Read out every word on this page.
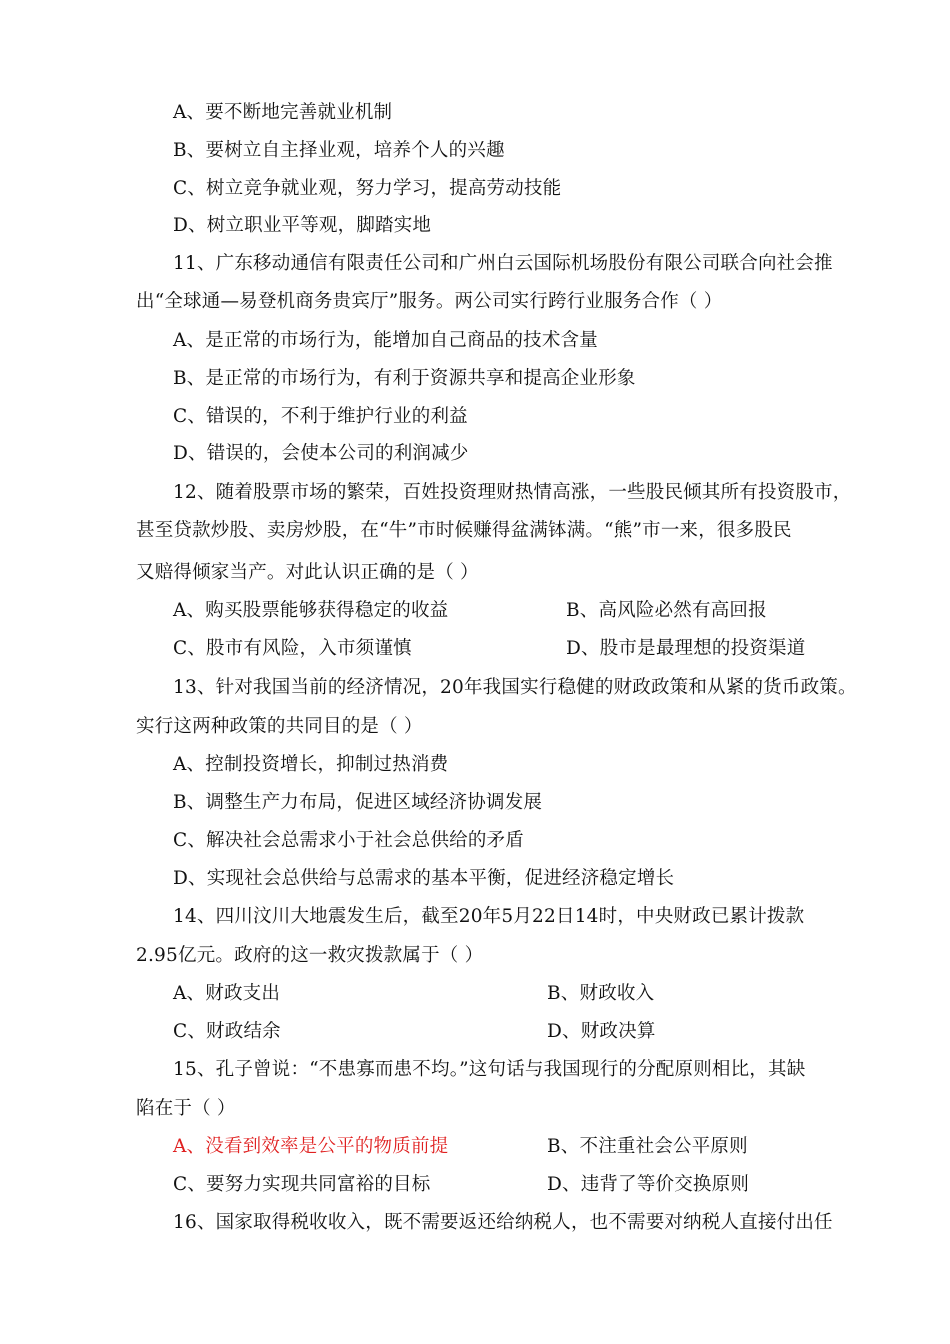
A、要不断地完善就业机制
B、要树立自主择业观，培养个人的兴趣
C、树立竞争就业观，努力学习，提高劳动技能
D、树立职业平等观，脚踏实地
11、广东移动通信有限责任公司和广州白云国际机场股份有限公司联合向社会推
出“全球通—易登机商务贵宾厅”服务。两公司实行跨行业服务合作（ ）
A、是正常的市场行为，能增加自己商品的技术含量
B、是正常的市场行为，有利于资源共享和提高企业形象
C、错误的，不利于维护行业的利益
D、错误的，会使本公司的利润减少
12、随着股票市场的繁荣，百姓投资理财热情高涨，一些股民倾其所有投资股市，
甚至贷款炒股、卖房炒股，在“牛”市时候赚得盆满钵满。“熊”市一来，很多股民
又赔得倾家当产。对此认识正确的是（ ）
A、购买股票能够获得稳定的收益	B、高风险必然有高回报
C、股市有风险，入市须谨慎	D、股市是最理想的投资渠道
13、针对我国当前的经济情况，20年我国实行稳健的财政政策和从紧的货币政策。
实行这两种政策的共同目的是（ ）
A、控制投资增长，抑制过热消费
B、调整生产力布局，促进区域经济协调发展
C、解决社会总需求小于社会总供给的矛盾
D、实现社会总供给与总需求的基本平衡，促进经济稳定增长
14、四川汶川大地震发生后，截至20年5月22日14时，中央财政已累计拨款
2.95亿元。政府的这一救灾拨款属于（ ）
A、财政支出	B、财政收入
C、财政结余	D、财政决算
15、孔子曾说：“不患寡而患不均。”这句话与我国现行的分配原则相比，其缺
陷在于（ ）
A、没看到效率是公平的物质前提	B、不注重社会公平原则
C、要努力实现共同富裕的目标	D、违背了等价交换原则
16、国家取得税收收入，既不需要返还给纳税人，也不需要对纳税人直接付出任
